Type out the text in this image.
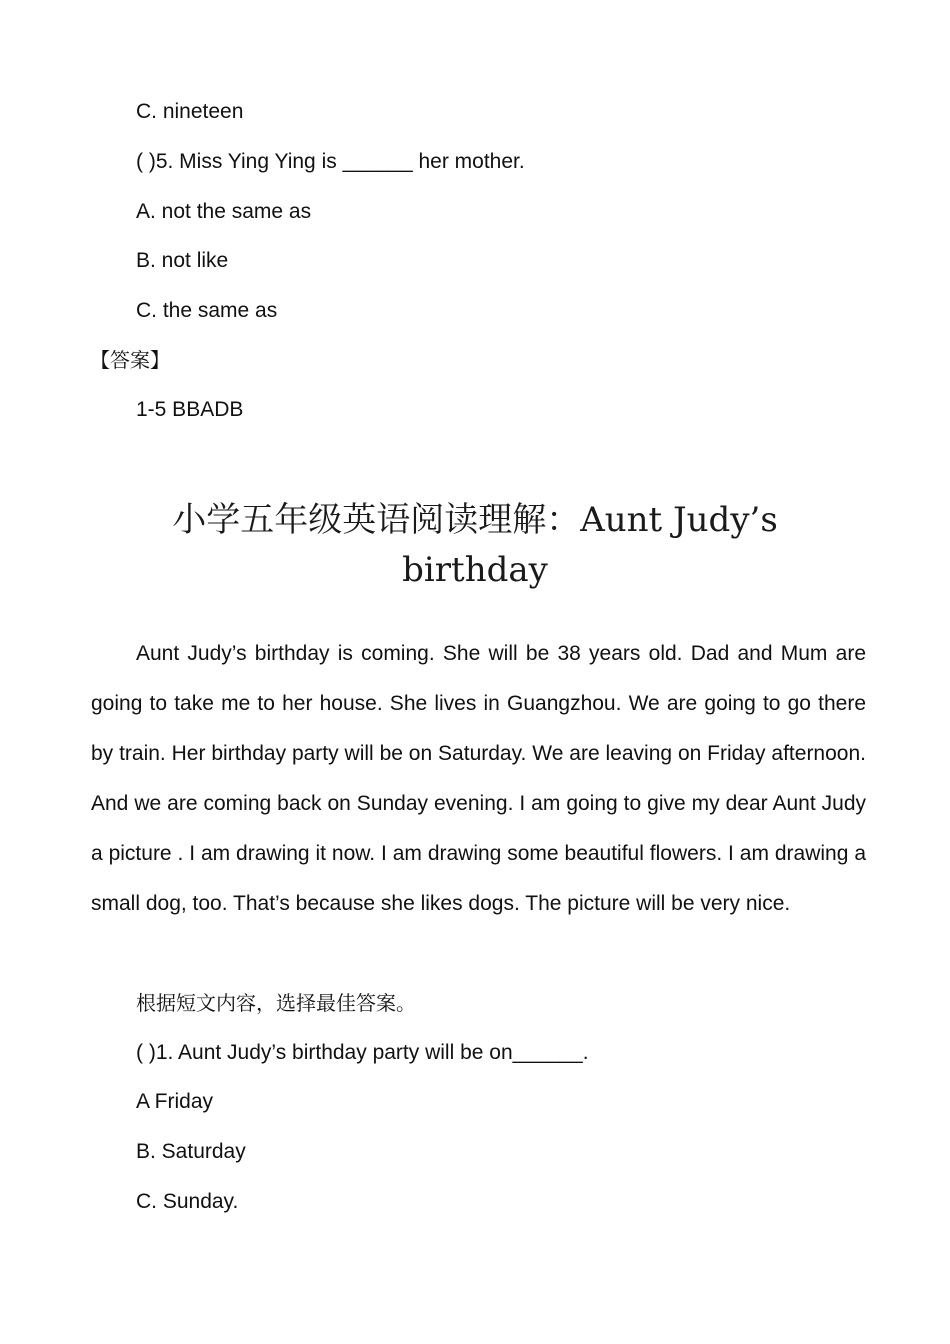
C. nineteen
( )5. Miss Ying Ying is ______ her mother.
A. not the same as
B. not like
C. the same as
【答案】
1-5 BBADB
小学五年级英语阅读理解：Aunt Judy’s
birthday

Aunt Judy’s birthday is coming. She will be 38 years old. Dad and Mum are going to take me to her house. She lives in Guangzhou. We are going to go there by train. Her birthday party will be on Saturday. We are leaving on Friday afternoon. And we are coming back on Sunday evening. I am going to give my dear Aunt Judy a picture . I am drawing it now. I am drawing some beautiful flowers. I am drawing a small dog, too. That’s because she likes dogs. The picture will be very nice.

根据短文内容，选择最佳答案。
( )1. Aunt Judy’s birthday party will be on______.
A Friday
B. Saturday
C. Sunday.
